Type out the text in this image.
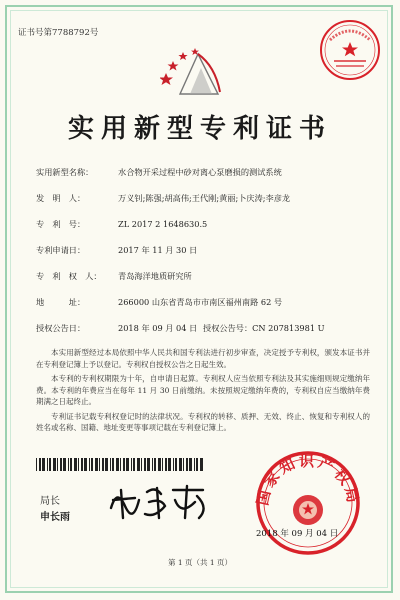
证书号第7788792号
实用新型专利证书
实用新型名称：	水合物开采过程中砂对离心泵磨损的测试系统
发　明　人：	万义钊;陈强;胡高伟;王代刚;黄丽;卜庆涛;李彦龙
专　利　号：	ZL 2017 2 1648630.5
专利申请日：	2017 年 11 月 30 日
专　利　权　人： 青岛海洋地质研究所
地　　　址：	266000 山东省青岛市市南区福州南路 62 号
授权公告日：	2018 年 09 月 04 日 授权公告号：CN 207813981 U

本实用新型经过本局依照中华人民共和国专利法进行初步审查，决定授予专利权，颁发本证书并在专利登记簿上予以登记。专利权自授权公告之日起生效。

本专利的专利权期限为十年，自申请日起算。专利权人应当依照专利法及其实施细则规定缴纳年费。本专利的年费应当在每年 11 月 30 日前缴纳。未按照规定缴纳年费的，专利权自应当缴纳年费期满之日起终止。

专利证书记载专利权登记时的法律状况。专利权的转移、质押、无效、终止、恢复和专利权人的姓名或名称、国籍、地址变更等事项记载在专利登记簿上。

局长
申长雨
国家知识产权局
2018 年 09 月 04 日
第 1 页（共 1 页）
